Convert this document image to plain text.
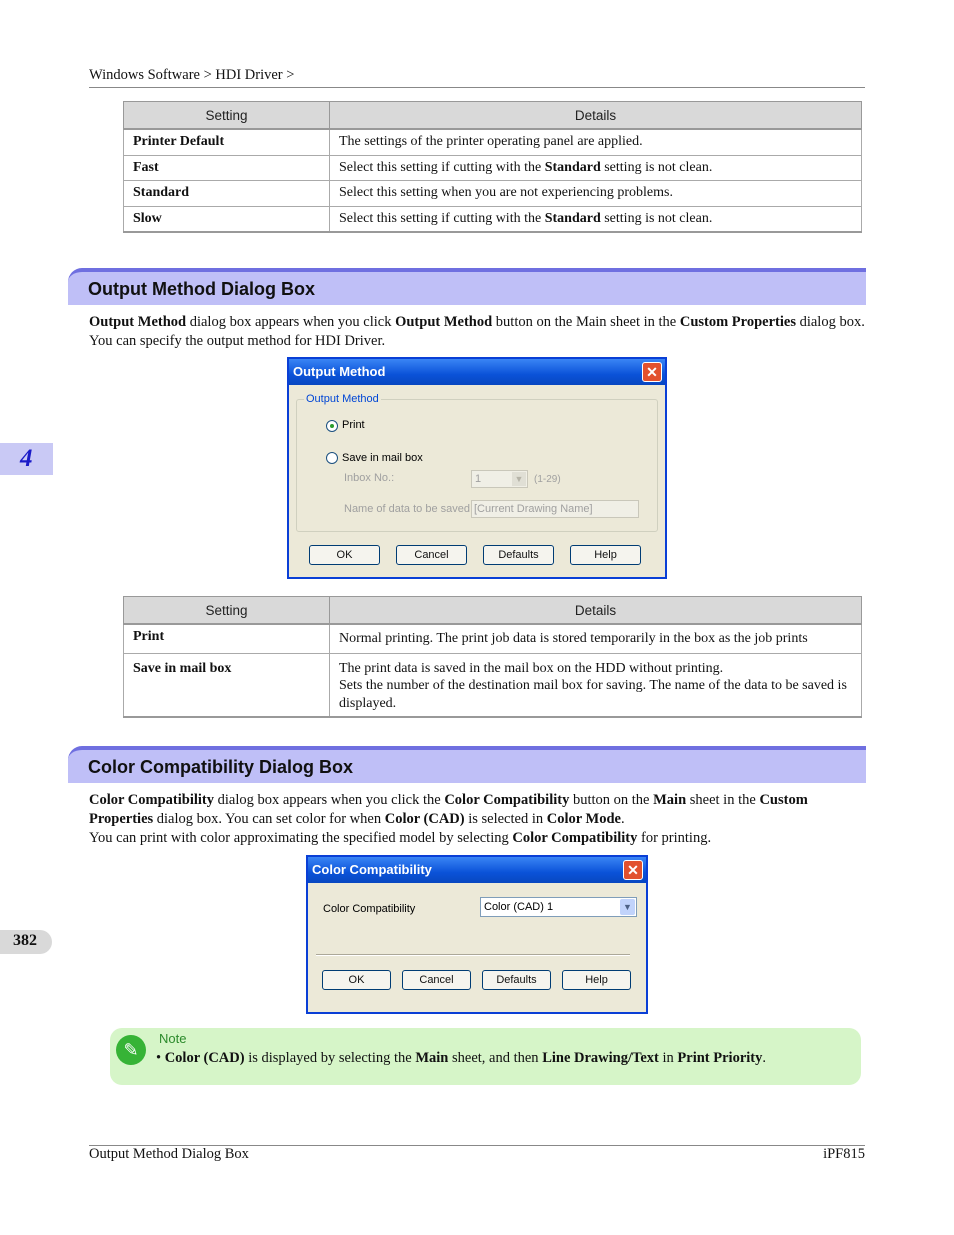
Windows Software > HDI Driver >
Setting	Details
Printer Default	The settings of the printer operating panel are applied.
Fast	Select this setting if cutting with the Standard setting is not clean.
Standard	Select this setting when you are not experiencing problems.
Slow	Select this setting if cutting with the Standard setting is not clean.
Output Method Dialog Box
Output Method dialog box appears when you click Output Method button on the Main sheet in the Custom Properties dialog box. You can specify the output method for HDI Driver.
4
Output Method	✕
Output Method
Print
Save in mail box
Inbox No.:	1	▼ (1-29)
Name of data to be saved [Current Drawing Name]
OK	Cancel	Defaults	Help
Setting	Details
Print	Normal printing. The print job data is stored temporarily in the box as the job prints
Save in mail box	The print data is saved in the mail box on the HDD without printing.
Sets the number of the destination mail box for saving. The name of the data to be saved is displayed.
Color Compatibility Dialog Box
Color Compatibility dialog box appears when you click the Color Compatibility button on the Main sheet in the Custom Properties dialog box. You can set color for when Color (CAD) is selected in Color Mode.
You can print with color approximating the specified model by selecting Color Compatibility for printing.
382
Color Compatibility	✕
Color Compatibility	Color (CAD) 1	▼
OK	Cancel	Defaults	Help
✎
Note
• Color (CAD) is displayed by selecting the Main sheet, and then Line Drawing/Text in Print Priority.
Output Method Dialog Box	iPF815
